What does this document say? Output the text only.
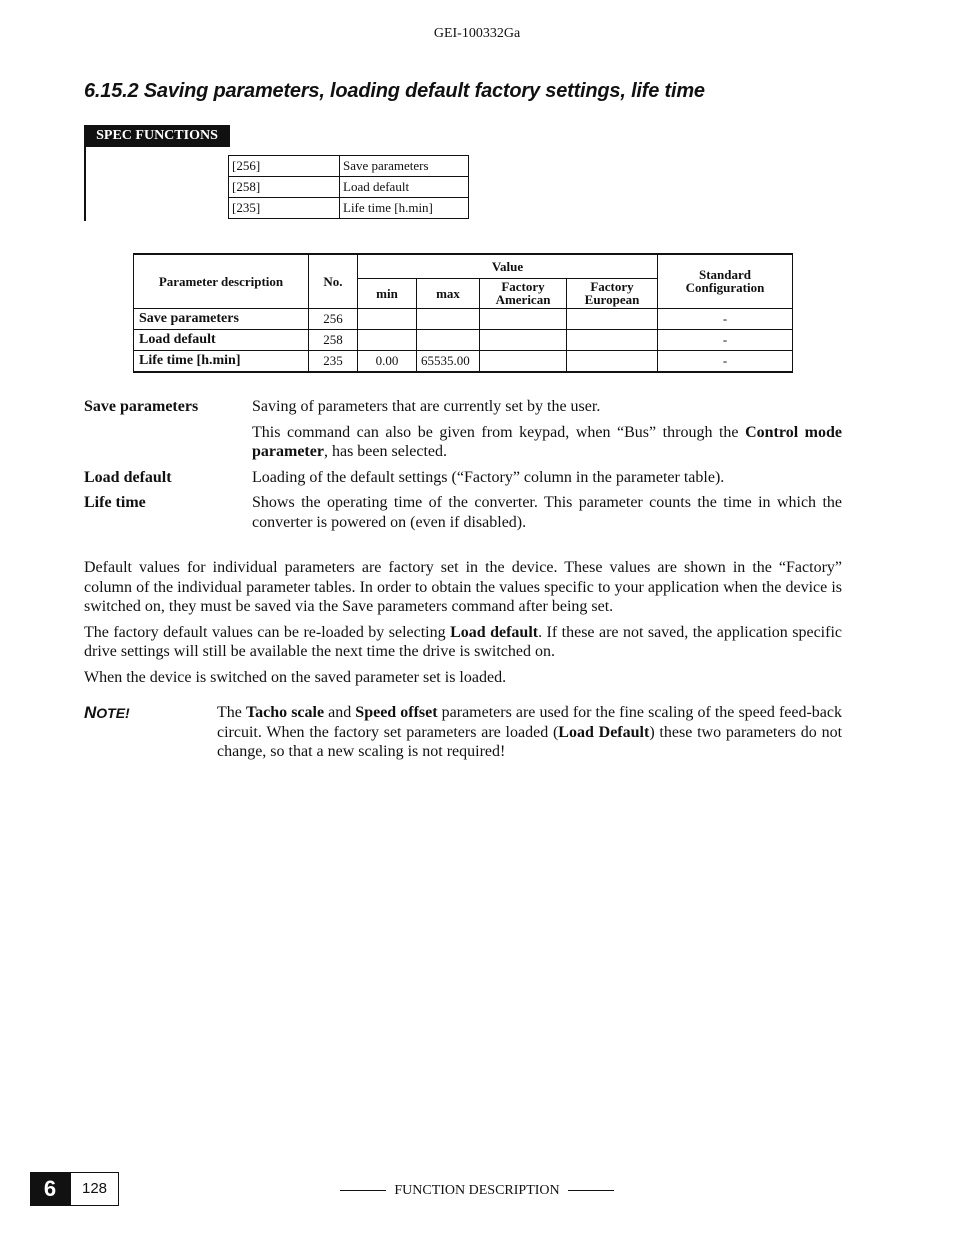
GEI-100332Ga
6.15.2 Saving parameters, loading default factory settings, life time
SPEC FUNCTIONS
[256]	Save parameters
[258]	Load default
[235]	Life time [h.min]
Parameter description	No.	Value				Standard Configuration
		min	max	Factory American	Factory European	
Save parameters	256					-
Load default	258					-
Life time [h.min]	235	0.00	65535.00			-
Save parameters	Saving of parameters that are currently set by the user.

This command can also be given from keypad, when “Bus” through the Control mode parameter, has been selected.

Load default	Loading of the default settings (“Factory” column in the parameter table).

Life time	Shows the operating time of the converter. This parameter counts the time in which the converter is powered on (even if disabled).

Default values for individual parameters are factory set in the device. These values are shown in the “Factory” column of the individual parameter tables. In order to obtain the values specific to your application when the device is switched on, they must be saved via the Save parameters command after being set.

The factory default values can be re-loaded by selecting Load default. If these are not saved, the application specific drive settings will still be available the next time the drive is switched on.

When the device is switched on the saved parameter set is loaded.

NOTE!	The Tacho scale and Speed offset parameters are used for the fine scaling of the speed feed-back circuit. When the factory set parameters are loaded (Load Default) these two parameters do not change, so that a new scaling is not required!
6	128	FUNCTION DESCRIPTION
